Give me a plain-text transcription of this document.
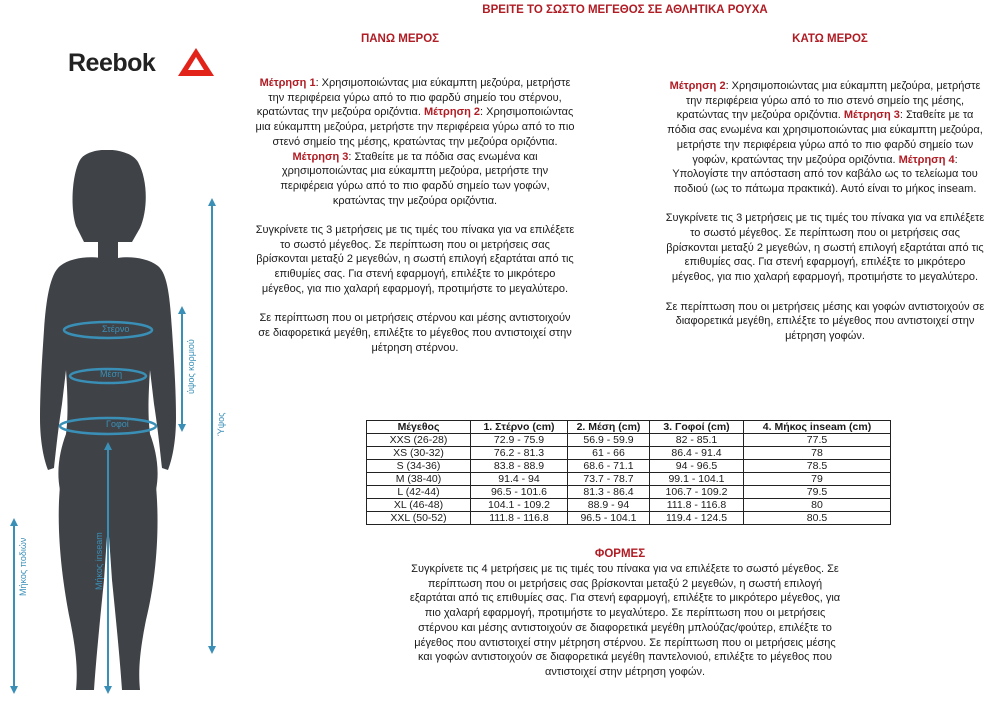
ΒΡΕΙΤΕ ΤΟ ΣΩΣΤΟ ΜΕΓΕΘΟΣ ΣΕ ΑΘΛΗΤΙΚΑ ΡΟΥΧΑ
Reebok
Στέρνο
Μέση
Γοφοί
ύψος κορμιού
Ύψος
Μήκος ποδιών	Μήκος inseam
ΠΑΝΩ ΜΕΡΟΣ

Μέτρηση 1: Χρησιμοποιώντας μια εύκαμπτη μεζούρα, μετρήστε την περιφέρεια γύρω από το πιο φαρδύ σημείο του στέρνου, κρατώντας την μεζούρα οριζόντια. Μέτρηση 2: Χρησιμοποιώντας μια εύκαμπτη μεζούρα, μετρήστε την περιφέρεια γύρω από το πιο στενό σημείο της μέσης, κρατώντας την μεζούρα οριζόντια. Μέτρηση 3: Σταθείτε με τα πόδια σας ενωμένα και χρησιμοποιώντας μια εύκαμπτη μεζούρα, μετρήστε την περιφέρεια γύρω από το πιο φαρδύ σημείο των γοφών, κρατώντας την μεζούρα οριζόντια.

Συγκρίνετε τις 3 μετρήσεις με τις τιμές του πίνακα για να επιλέξετε το σωστό μέγεθος. Σε περίπτωση που οι μετρήσεις σας βρίσκονται μεταξύ 2 μεγεθών, η σωστή επιλογή εξαρτάται από τις επιθυμίες σας. Για στενή εφαρμογή, επιλέξτε το μικρότερο μέγεθος, για πιο χαλαρή εφαρμογή, προτιμήστε το μεγαλύτερο.

Σε περίπτωση που οι μετρήσεις στέρνου και μέσης αντιστοιχούν σε διαφορετικά μεγέθη, επιλέξτε το μέγεθος που αντιστοιχεί στην μέτρηση στέρνου.

ΚΑΤΩ ΜΕΡΟΣ

Μέτρηση 2: Χρησιμοποιώντας μια εύκαμπτη μεζούρα, μετρήστε την περιφέρεια γύρω από το πιο στενό σημείο της μέσης, κρατώντας την μεζούρα οριζόντια. Μέτρηση 3: Σταθείτε με τα πόδια σας ενωμένα και χρησιμοποιώντας μια εύκαμπτη μεζούρα, μετρήστε την περιφέρεια γύρω από το πιο φαρδύ σημείο των γοφών, κρατώντας την μεζούρα οριζόντια. Μέτρηση 4: Υπολογίστε την απόσταση από τον καβάλο ως το τελείωμα του ποδιού (ως το πάτωμα πρακτικά). Αυτό είναι το μήκος inseam.

Συγκρίνετε τις 3 μετρήσεις με τις τιμές του πίνακα για να επιλέξετε το σωστό μέγεθος. Σε περίπτωση που οι μετρήσεις σας βρίσκονται μεταξύ 2 μεγεθών, η σωστή επιλογή εξαρτάται από τις επιθυμίες σας. Για στενή εφαρμογή, επιλέξτε το μικρότερο μέγεθος, για πιο χαλαρή εφαρμογή, προτιμήστε το μεγαλύτερο.

Σε περίπτωση που οι μετρήσεις μέσης και γοφών αντιστοιχούν σε διαφορετικά μεγέθη, επιλέξτε το μέγεθος που αντιστοιχεί στην μέτρηση γοφών.

Μέγεθος	1. Στέρνο (cm)	2. Μέση (cm)	3. Γοφοί (cm)	4. Μήκος inseam (cm)
XXS (26-28)	72.9 - 75.9	56.9 - 59.9	82 - 85.1	77.5
XS (30-32)	76.2 - 81.3	61 - 66	86.4 - 91.4	78
S (34-36)	83.8 - 88.9	68.6 - 71.1	94 - 96.5	78.5
M (38-40)	91.4 - 94	73.7 - 78.7	99.1 - 104.1	79
L (42-44)	96.5 - 101.6	81.3 - 86.4	106.7 - 109.2	79.5
XL (46-48)	104.1 - 109.2	88.9 - 94	111.8 - 116.8	80
XXL (50-52)	111.8 - 116.8	96.5 - 104.1	119.4 - 124.5	80.5
ΦΟΡΜΕΣ
Συγκρίνετε τις 4 μετρήσεις με τις τιμές του πίνακα για να επιλέξετε το σωστό μέγεθος. Σε περίπτωση που οι μετρήσεις σας βρίσκονται μεταξύ 2 μεγεθών, η σωστή επιλογή εξαρτάται από τις επιθυμίες σας. Για στενή εφαρμογή, επιλέξτε το μικρότερο μέγεθος, για πιο χαλαρή εφαρμογή, προτιμήστε το μεγαλύτερο. Σε περίπτωση που οι μετρήσεις στέρνου και μέσης αντιστοιχούν σε διαφορετικά μεγέθη μπλούζας/φούτερ, επιλέξτε το μέγεθος που αντιστοιχεί στην μέτρηση στέρνου. Σε περίπτωση που οι μετρήσεις μέσης και γοφών αντιστοιχούν σε διαφορετικά μεγέθη παντελονιού, επιλέξτε το μέγεθος που αντιστοιχεί στην μέτρηση γοφών.
